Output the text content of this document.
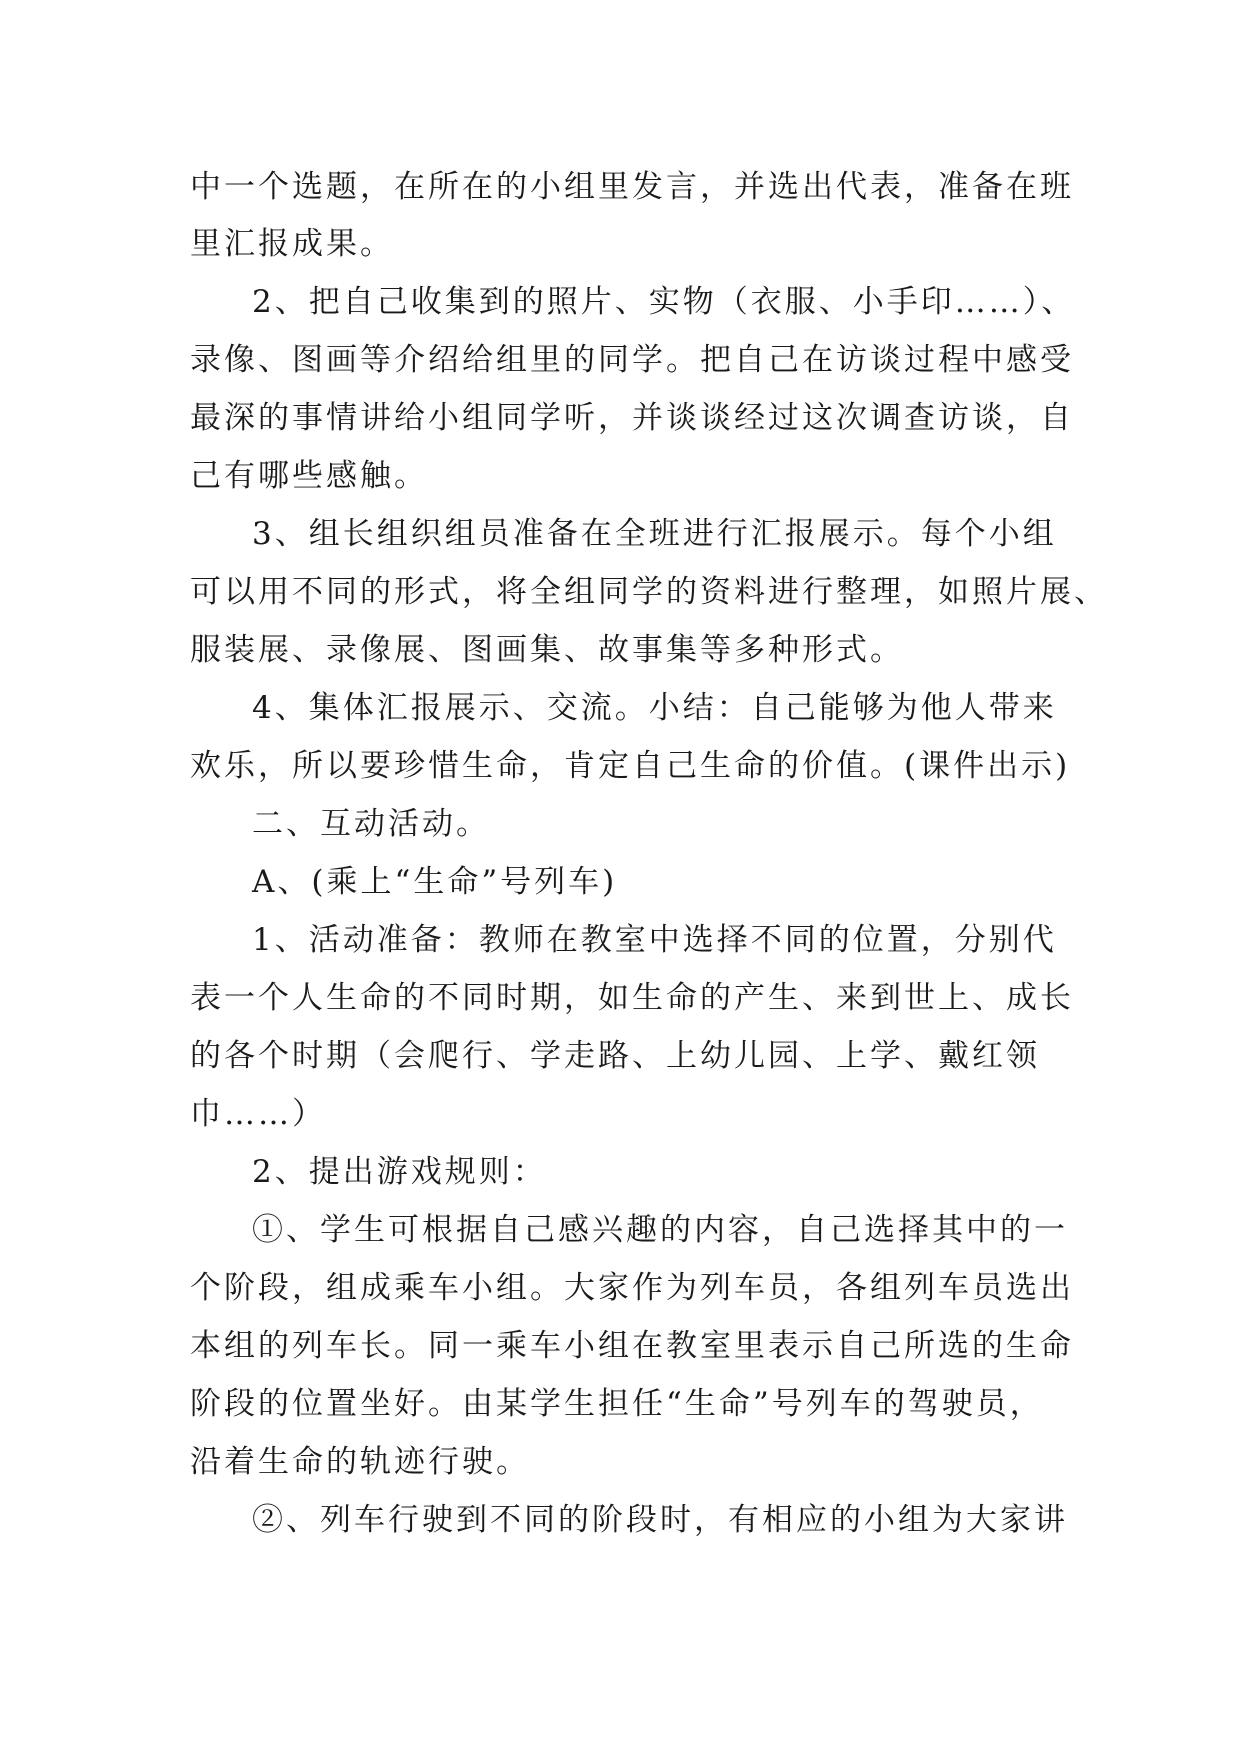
中一个选题，在所在的小组里发言，并选出代表，准备在班

里汇报成果。

2、把自己收集到的照片、实物（衣服、小手印……）、

录像、图画等介绍给组里的同学。把自己在访谈过程中感受

最深的事情讲给小组同学听，并谈谈经过这次调查访谈，自

己有哪些感触。

3、组长组织组员准备在全班进行汇报展示。每个小组

可以用不同的形式，将全组同学的资料进行整理，如照片展、

服装展、录像展、图画集、故事集等多种形式。

4、集体汇报展示、交流。小结：自己能够为他人带来

欢乐，所以要珍惜生命，肯定自己生命的价值。(课件出示)

二、互动活动。

A、(乘上“生命”号列车)

1、活动准备：教师在教室中选择不同的位置，分别代

表一个人生命的不同时期，如生命的产生、来到世上、成长

的各个时期（会爬行、学走路、上幼儿园、上学、戴红领

巾……）

2、提出游戏规则：

①、学生可根据自己感兴趣的内容，自己选择其中的一

个阶段，组成乘车小组。大家作为列车员，各组列车员选出

本组的列车长。同一乘车小组在教室里表示自己所选的生命

阶段的位置坐好。由某学生担任“生命”号列车的驾驶员，

沿着生命的轨迹行驶。

②、列车行驶到不同的阶段时，有相应的小组为大家讲
